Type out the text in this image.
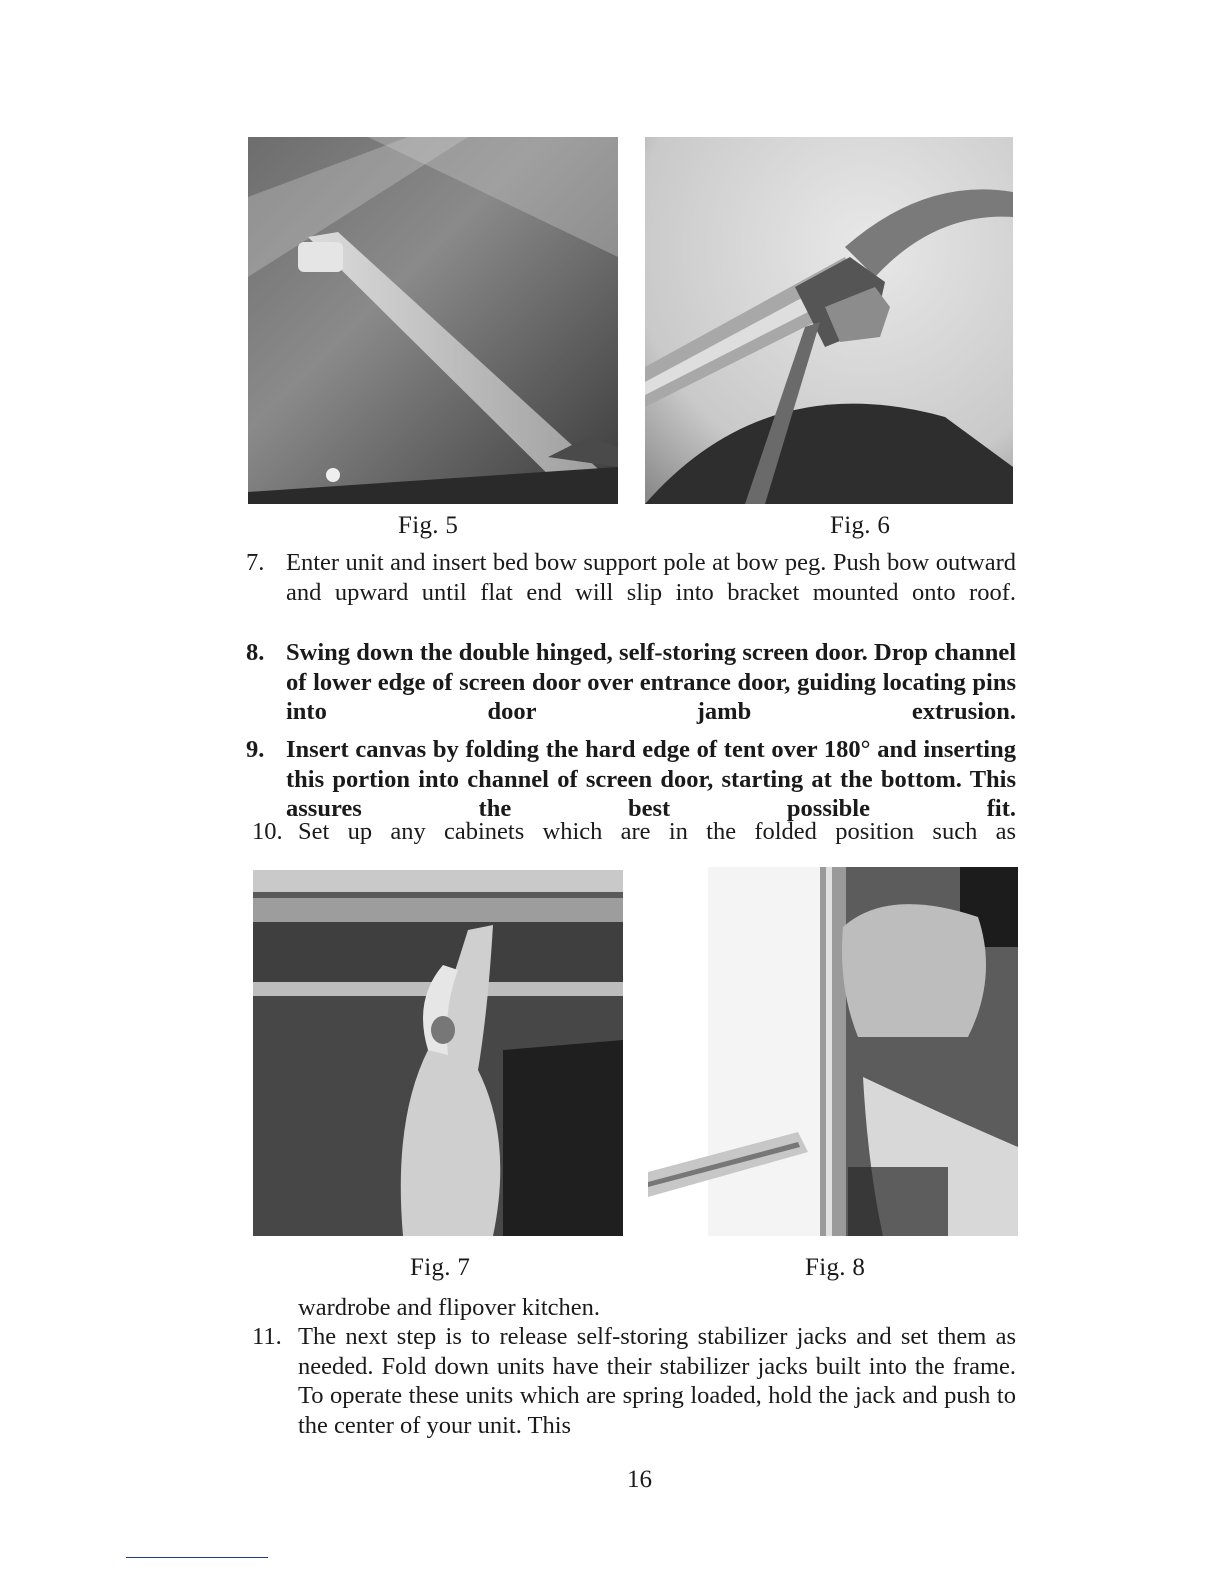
Fig. 5	Fig. 6
7. Enter unit and insert bed bow support pole at bow peg. Push bow outward and upward until flat end will slip into bracket mounted onto roof.
8. Swing down the double hinged, self-storing screen door. Drop channel of lower edge of screen door over entrance door, guiding locating pins into door jamb extrusion.
9. Insert canvas by folding the hard edge of tent over 180° and inserting this portion into channel of screen door, starting at the bottom. This assures the best possible fit.
10. Set up any cabinets which are in the folded position such as
Fig. 7	Fig. 8
wardrobe and flipover kitchen.
11. The next step is to release self-storing stabilizer jacks and set them as needed. Fold down units have their stabilizer jacks built into the frame. To operate these units which are spring loaded, hold the jack and push to the center of your unit. This
16
